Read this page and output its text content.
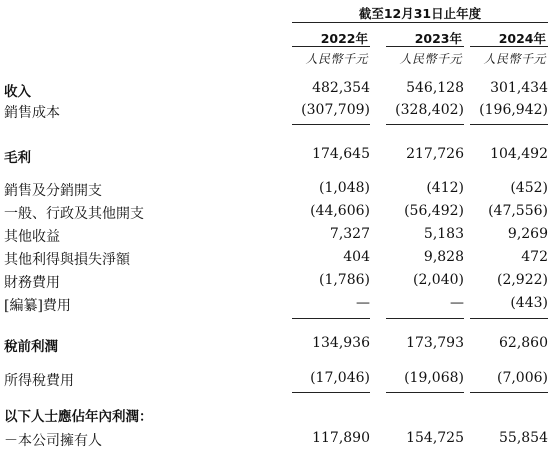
截至12月31日止年度
2022年	2023年	2024年
人民幣千元	人民幣千元	人民幣千元
收入	482,354	546,128	301,434
銷售成本	(307,709)	(328,402)	(196,942)
毛利	174,645	217,726	104,492
銷售及分銷開支	(1,048)	(412)	(452)
一般、行政及其他開支	(44,606)	(56,492)	(47,556)
其他收益	7,327	5,183	9,269
其他利得與損失淨額	404	9,828	472
財務費用	(1,786)	(2,040)	(2,922)
[編纂]費用	—	—	(443)
稅前利潤	134,936	173,793	62,860
所得稅費用	(17,046)	(19,068)	(7,006)
以下人士應佔年內利潤：
－本公司擁有人	117,890	154,725	55,854
